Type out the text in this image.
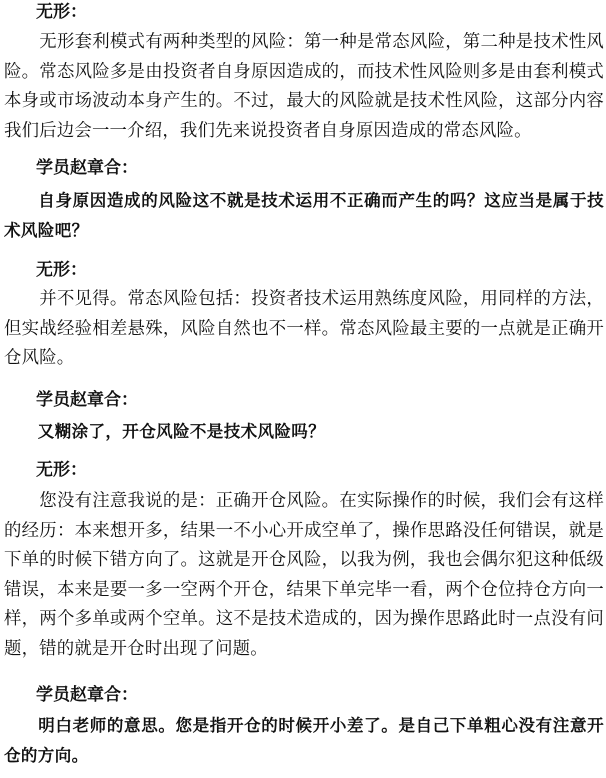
无形：

　　无形套利模式有两种类型的风险：第一种是常态风险，第二种是技术性风险。常态风险多是由投资者自身原因造成的，而技术性风险则多是由套利模式本身或市场波动本身产生的。不过，最大的风险就是技术性风险，这部分内容我们后边会一一介绍，我们先来说投资者自身原因造成的常态风险。

学员赵章合：

　　自身原因造成的风险这不就是技术运用不正确而产生的吗？这应当是属于技术风险吧？

无形：

　　并不见得。常态风险包括：投资者技术运用熟练度风险，用同样的方法，但实战经验相差悬殊，风险自然也不一样。常态风险最主要的一点就是正确开仓风险。

学员赵章合：

　　又糊涂了，开仓风险不是技术风险吗？

无形：

　　您没有注意我说的是：正确开仓风险。在实际操作的时候，我们会有这样的经历：本来想开多，结果一不小心开成空单了，操作思路没任何错误，就是下单的时候下错方向了。这就是开仓风险，以我为例，我也会偶尔犯这种低级错误，本来是要一多一空两个开仓，结果下单完毕一看，两个仓位持仓方向一样，两个多单或两个空单。这不是技术造成的，因为操作思路此时一点没有问题，错的就是开仓时出现了问题。

学员赵章合：

　　明白老师的意思。您是指开仓的时候开小差了。是自己下单粗心没有注意开仓的方向。
